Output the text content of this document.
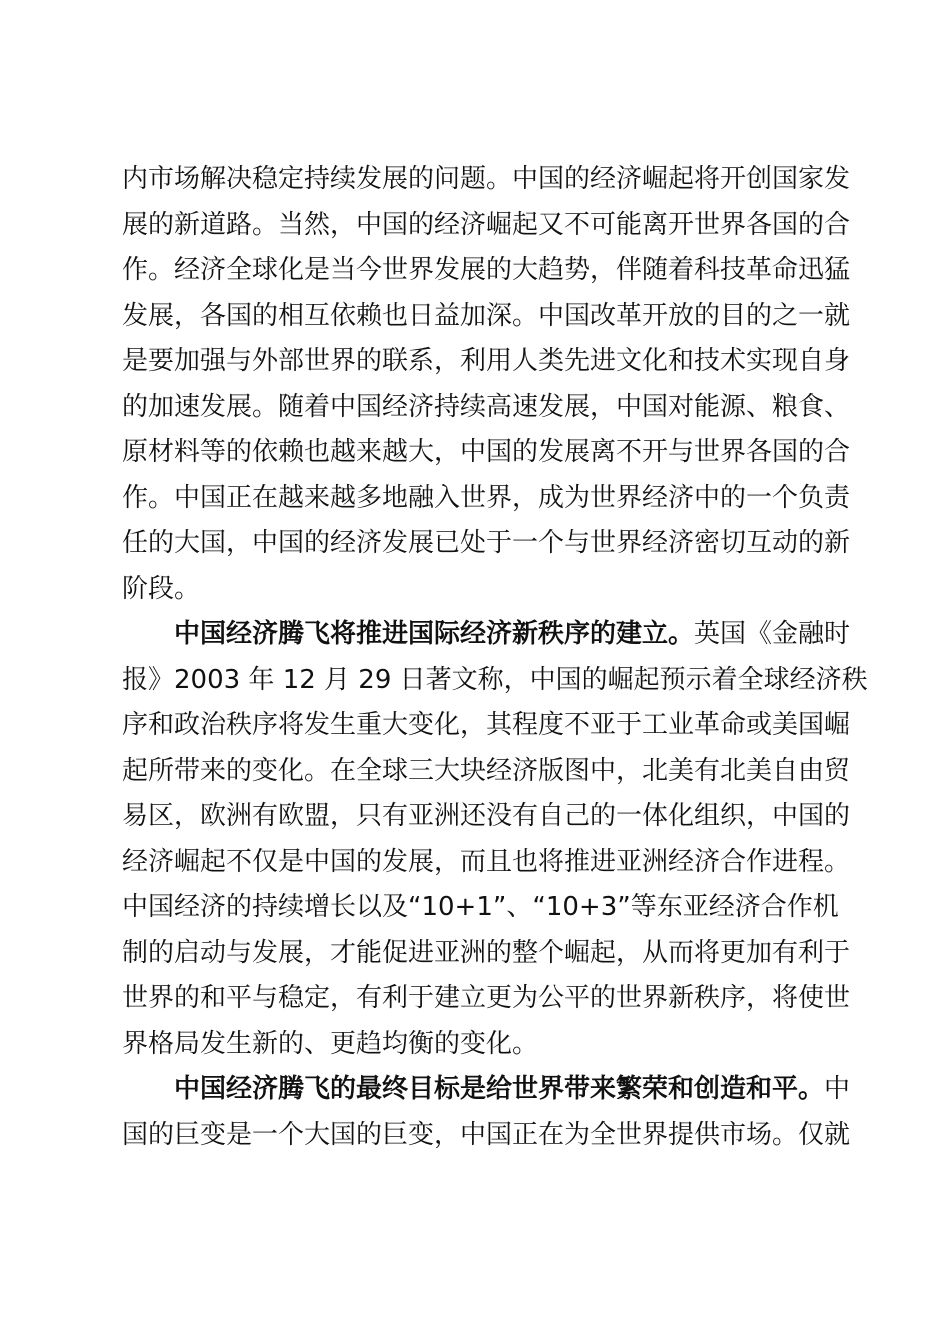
内市场解决稳定持续发展的问题。中国的经济崛起将开创国家发
展的新道路。当然，中国的经济崛起又不可能离开世界各国的合
作。经济全球化是当今世界发展的大趋势，伴随着科技革命迅猛
发展，各国的相互依赖也日益加深。中国改革开放的目的之一就
是要加强与外部世界的联系，利用人类先进文化和技术实现自身
的加速发展。随着中国经济持续高速发展，中国对能源、粮食、
原材料等的依赖也越来越大，中国的发展离不开与世界各国的合
作。中国正在越来越多地融入世界，成为世界经济中的一个负责
任的大国，中国的经济发展已处于一个与世界经济密切互动的新
阶段。
中国经济腾飞将推进国际经济新秩序的建立。英国《金融时
报》2003 年 12 月 29 日著文称，中国的崛起预示着全球经济秩
序和政治秩序将发生重大变化，其程度不亚于工业革命或美国崛
起所带来的变化。在全球三大块经济版图中，北美有北美自由贸
易区，欧洲有欧盟，只有亚洲还没有自己的一体化组织，中国的
经济崛起不仅是中国的发展，而且也将推进亚洲经济合作进程。
中国经济的持续增长以及“10+1”、“10+3”等东亚经济合作机
制的启动与发展，才能促进亚洲的整个崛起，从而将更加有利于
世界的和平与稳定，有利于建立更为公平的世界新秩序，将使世
界格局发生新的、更趋均衡的变化。
中国经济腾飞的最终目标是给世界带来繁荣和创造和平。中
国的巨变是一个大国的巨变，中国正在为全世界提供市场。仅就
